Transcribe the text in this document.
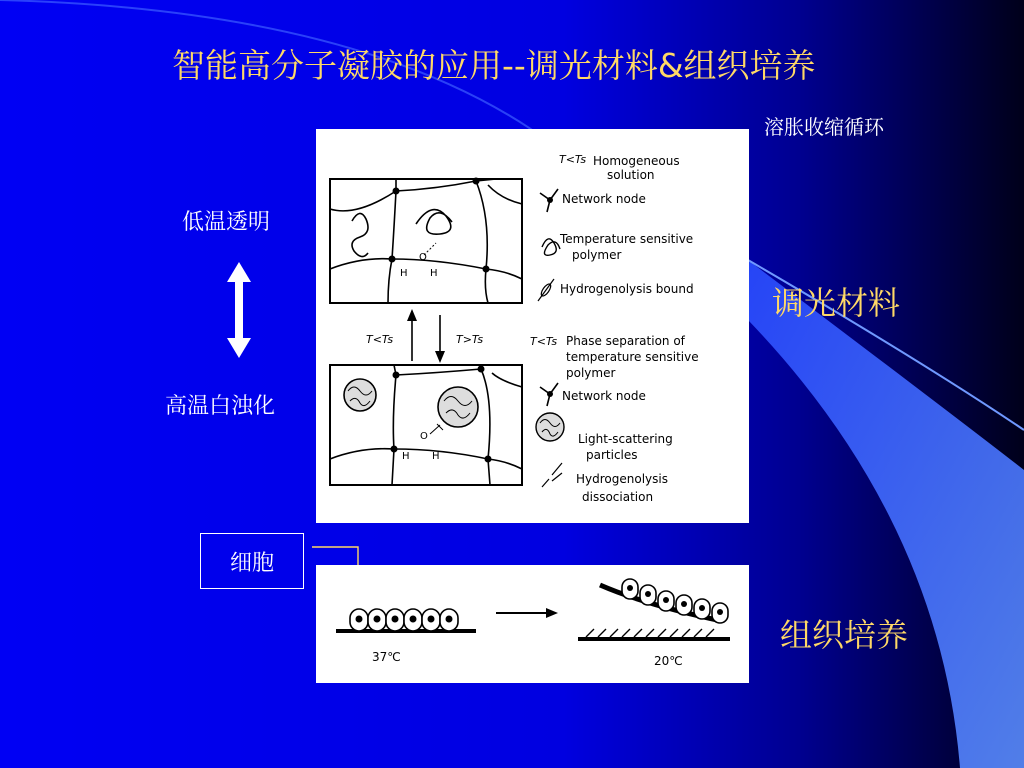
智能高分子凝胶的应用--调光材料&组织培养
溶胀收缩循环
低温透明
高温白浊化
调光材料
组织培养
O
H H
T<Ts	T>Ts
O
H H
T<Ts Homogeneous
solution
Network node
Temperature sensitive
polymer
Hydrogenolysis bound
T<Ts Phase separation of
temperature sensitive
polymer
Network node
Light-scattering
particles
Hydrogenolysis
dissociation
细胞
37℃	20℃
